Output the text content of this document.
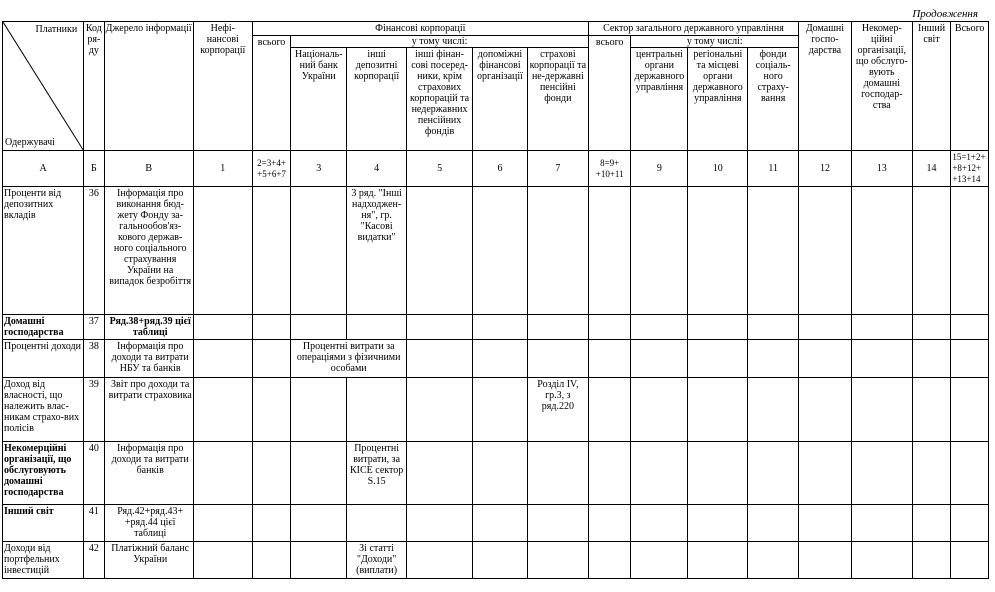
Продовження
Платники
Одержувачі	Код ря-ду	Джерело інформації	Нефі-нансові корпорації	Фінансові корпорації						Сектор загального державного управління				Домашні госпо-дарства	Некомер-ційні організації, що обслуго-вують домашні господар-ства	Інший світ	Всього
				всього	у тому числі:					всього	у тому числі:						
					Національ-ний банк України	інші депозитні корпорації	інші фінан-сові посеред-ники, крім страхових корпорацій та недержавних пенсійних фондів	допоміжні фінансові організації	страхові корпорації та не-державні пенсійні фонди		центральні органи державного управління	регіональні та місцеві органи державного управління	фонди соціаль-ного страху-вання				
А	Б	В	1	2=3+4+ +5+6+7	3	4	5	6	7	8=9+ +10+11	9	10	11	12	13	14	15=1+2+ +8+12+ +13+14
Проценти від депозитних вкладів	36	Інформація про виконання бюд-жету Фонду за-гальнообов'яз-кового держав-ного соціального страхування України на випадок безробіття				3 ряд. "Інші надходжен-ня", гр. "Касові видатки"											
Домашні господарства	37	Ряд.38+ряд.39 цієї таблиці															
Процентні доходи	38	Інформація про доходи та витрати НБУ та банків			Процентні витрати за операціями з фізичними особами												
Доход від власності, що належить влас-никам страхо-вих полісів	39	Звіт про доходи та витрати страховика							Розділ IV, гр.3, з ряд.220								
Некомерційні організації, що обслуговують домашні господарства	40	Інформація про доходи та витрати банків				Процентні витрати, за КІСЕ сектор S.15											
Інший світ	41	Ряд.42+ряд.43+ +ряд.44 цієї таблиці															
Доходи від портфельних інвестицій	42	Платіжний баланс України				Зі статті "Доходи" (виплати)											
